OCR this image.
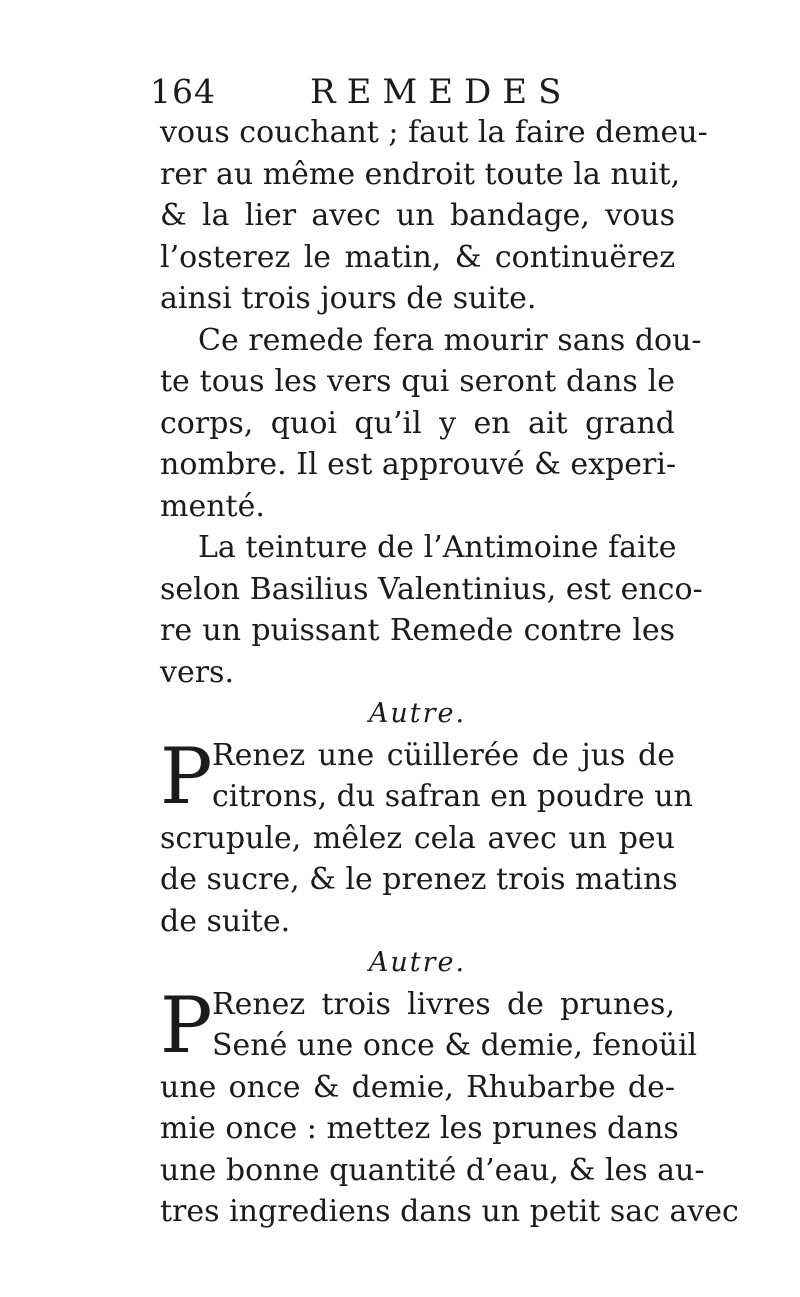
164	REMEDES
vous couchant ; faut la faire demeu-
rer au même endroit toute la nuit,
& la lier avec un bandage, vous
l’osterez le matin, & continuërez
ainsi trois jours de suite.
Ce remede fera mourir sans dou-
te tous les vers qui seront dans le
corps, quoi qu’il y en ait grand
nombre. Il est approuvé & experi-
menté.
La teinture de l’Antimoine faite
selon Basilius Valentinius, est enco-
re un puissant Remede contre les
vers.
Autre.
P Renez une cüillerée de jus de
citrons, du safran en poudre un
scrupule, mêlez cela avec un peu
de sucre, & le prenez trois matins
de suite.
Autre.
P Renez trois livres de prunes,
Sené une once & demie, fenoüil
une once & demie, Rhubarbe de-
mie once : mettez les prunes dans
une bonne quantité d’eau, & les au-
tres ingrediens dans un petit sac avec
